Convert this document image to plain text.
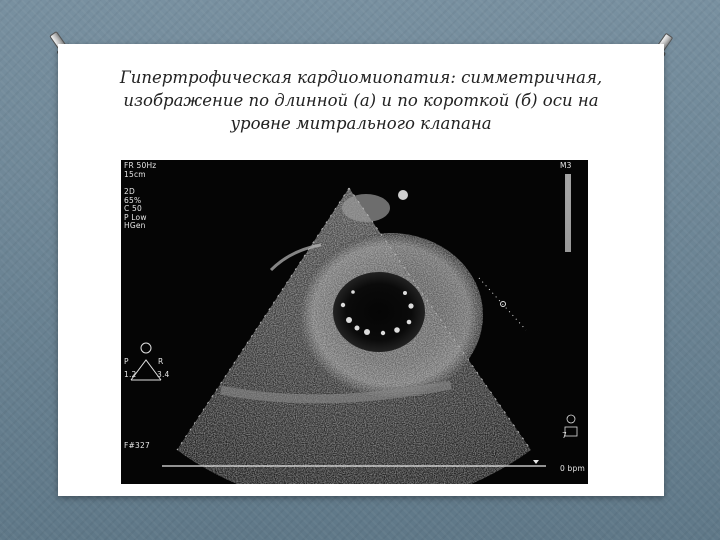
Гипертрофическая кардиомиопатия: симметричная,
изображение по длинной (а) и по короткой (б) оси на
уровне митрального клапана

FR 50Hz
15cm
2D
65%
C 50
P Low
HGen
F#327
M3
0 bpm
7
P	R
1.2	3.4
